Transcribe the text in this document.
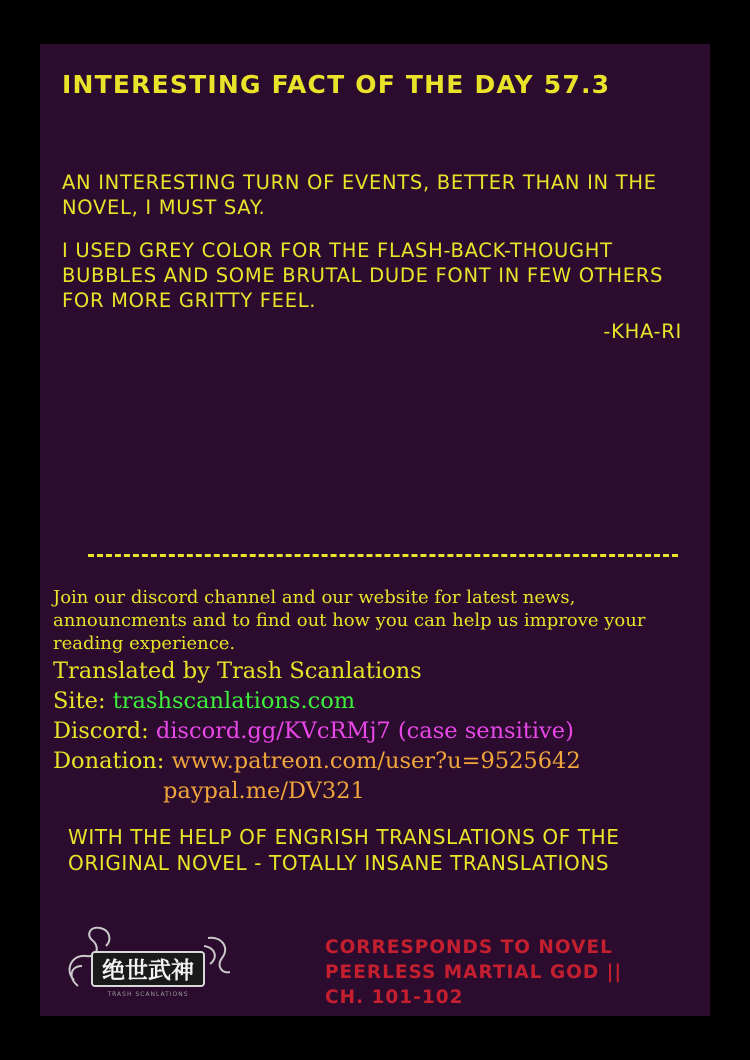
INTERESTING FACT OF THE DAY 57.3

AN INTERESTING TURN OF EVENTS, BETTER THAN IN THE NOVEL, I MUST SAY.

I USED GREY COLOR FOR THE FLASH-BACK-THOUGHT BUBBLES AND SOME BRUTAL DUDE FONT IN FEW OTHERS FOR MORE GRITTY FEEL.

-KHA-RI
Join our discord channel and our website for latest news, announcments and to find out how you can help us improve your reading experience.
Translated by Trash Scanlations
Site: trashscanlations.com
Discord: discord.gg/KVcRMj7 (case sensitive)
Donation: www.patreon.com/user?u=9525642
paypal.me/DV321
WITH THE HELP OF ENGRISH TRANSLATIONS OF THE ORIGINAL NOVEL - TOTALLY INSANE TRANSLATIONS
绝世武神
TRASH SCANLATIONS
CORRESPONDS TO NOVEL
PEERLESS MARTIAL GOD ||
CH. 101-102
